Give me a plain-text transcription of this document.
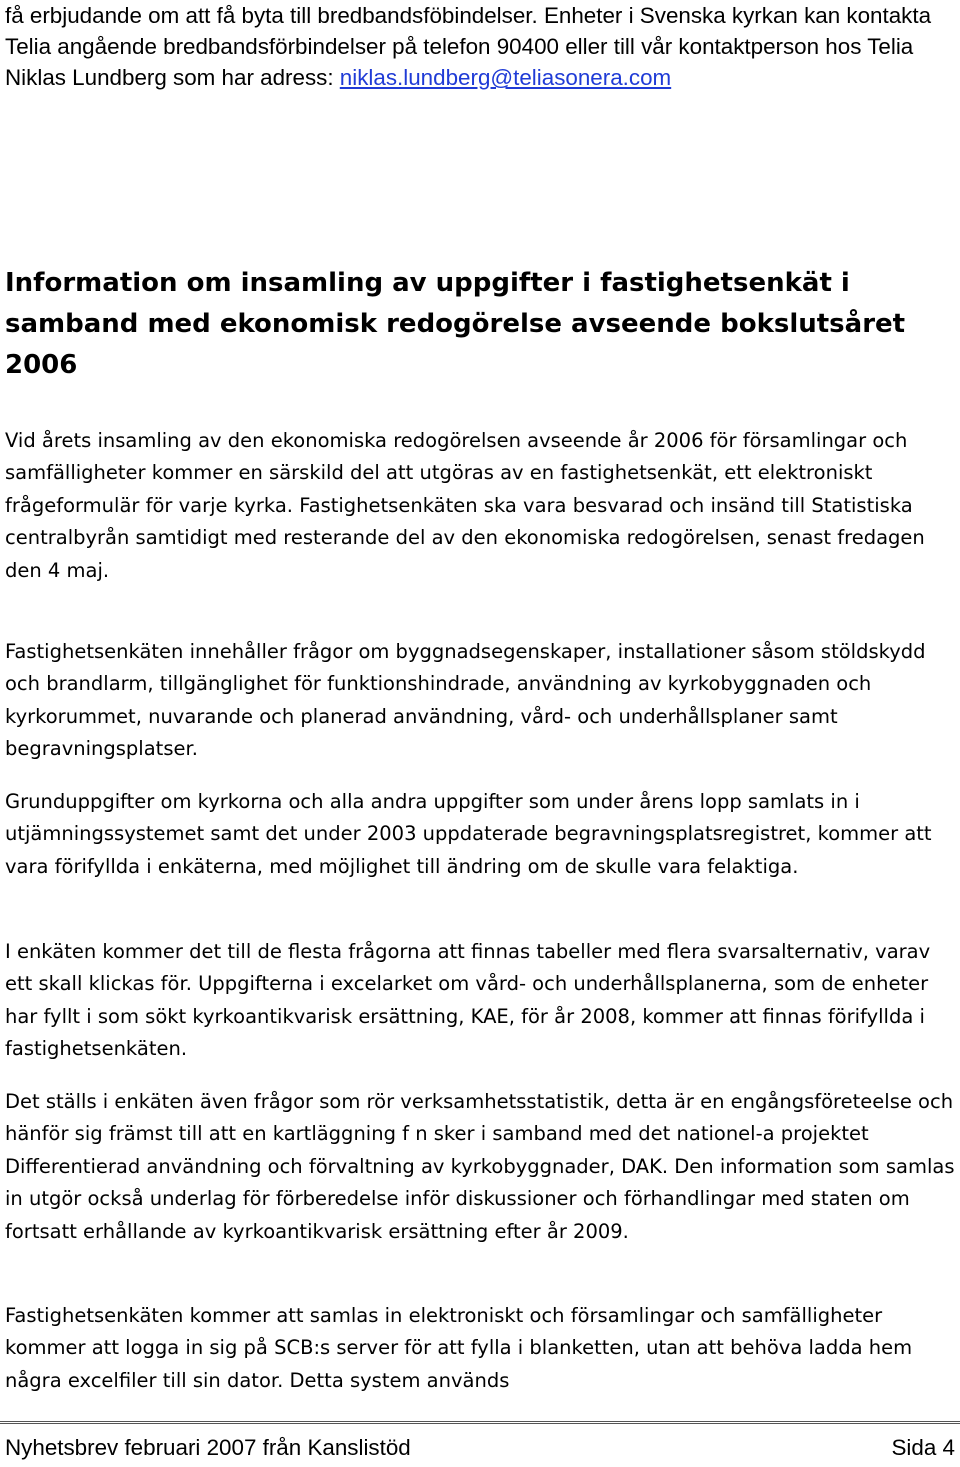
få erbjudande om att få byta till bredbandsföbindelser. Enheter i Svenska kyrkan kan kontakta Telia angående bredbandsförbindelser på telefon 90400 eller till vår kontaktperson hos Telia Niklas Lundberg som har adress: niklas.lundberg@teliasonera.com

Information om insamling av uppgifter i fastighetsenkät i samband med ekonomisk redogörelse avseende bokslutsåret 2006

Vid årets insamling av den ekonomiska redogörelsen avseende år 2006 för församlingar och samfälligheter kommer en särskild del att utgöras av en fastighetsenkät, ett elektroniskt frågeformulär för varje kyrka. Fastighetsenkäten ska vara besvarad och insänd till Statistiska centralbyrån samtidigt med resterande del av den ekonomiska redogörelsen, senast fredagen den 4 maj.

Fastighetsenkäten innehåller frågor om byggnadsegenskaper, installationer såsom stöldskydd och brandlarm, tillgänglighet för funktionshindrade, användning av kyrkobyggnaden och kyrkorummet, nuvarande och planerad användning, vård- och underhållsplaner samt begravningsplatser.

Grunduppgifter om kyrkorna och alla andra uppgifter som under årens lopp samlats in i utjämningssystemet samt det under 2003 uppdaterade begravningsplatsregistret, kommer att vara förifyllda i enkäterna, med möjlighet till ändring om de skulle vara felaktiga.

I enkäten kommer det till de flesta frågorna att finnas tabeller med flera svarsalternativ, varav ett skall klickas för. Uppgifterna i excelarket om vård- och underhållsplanerna, som de enheter har fyllt i som sökt kyrkoantikvarisk ersättning, KAE, för år 2008, kommer att finnas förifyllda i fastighetsenkäten.

Det ställs i enkäten även frågor som rör verksamhetsstatistik, detta är en engångsföreteelse och hänför sig främst till att en kartläggning f n sker i samband med det nationel-a projektet Differentierad användning och förvaltning av kyrkobyggnader, DAK. Den information som samlas in utgör också underlag för förberedelse inför diskussioner och förhandlingar med staten om fortsatt erhållande av kyrkoantikvarisk ersättning efter år 2009.

Fastighetsenkäten kommer att samlas in elektroniskt och församlingar och samfälligheter kommer att logga in sig på SCB:s server för att fylla i blanketten, utan att behöva ladda hem några excelfiler till sin dator. Detta system används

Nyhetsbrev februari 2007 från Kanslistöd	Sida 4
